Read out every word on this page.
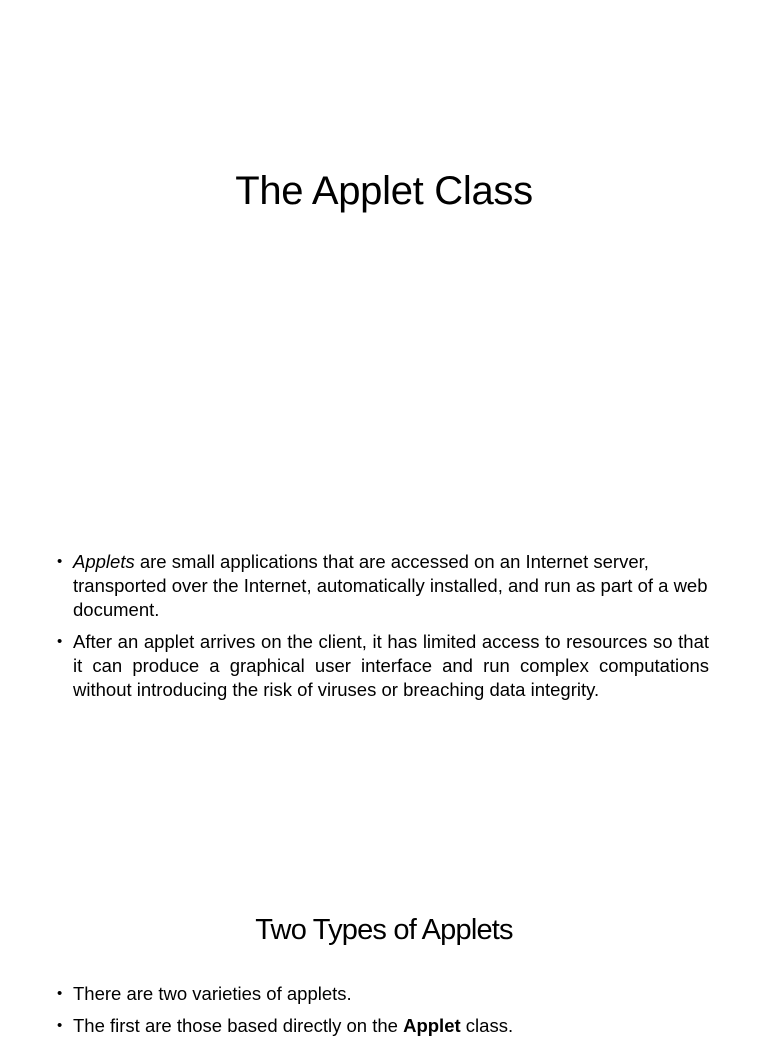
The Applet Class
• Applets are small applications that are accessed on an Internet server, transported over the Internet, automatically installed, and run as part of a web document.
• After an applet arrives on the client, it has limited access to resources so that it can produce a graphical user interface and run complex computations without introducing the risk of viruses or breaching data integrity.
Two Types of Applets
• There are two varieties of applets.
• The first are those based directly on the Applet class.
